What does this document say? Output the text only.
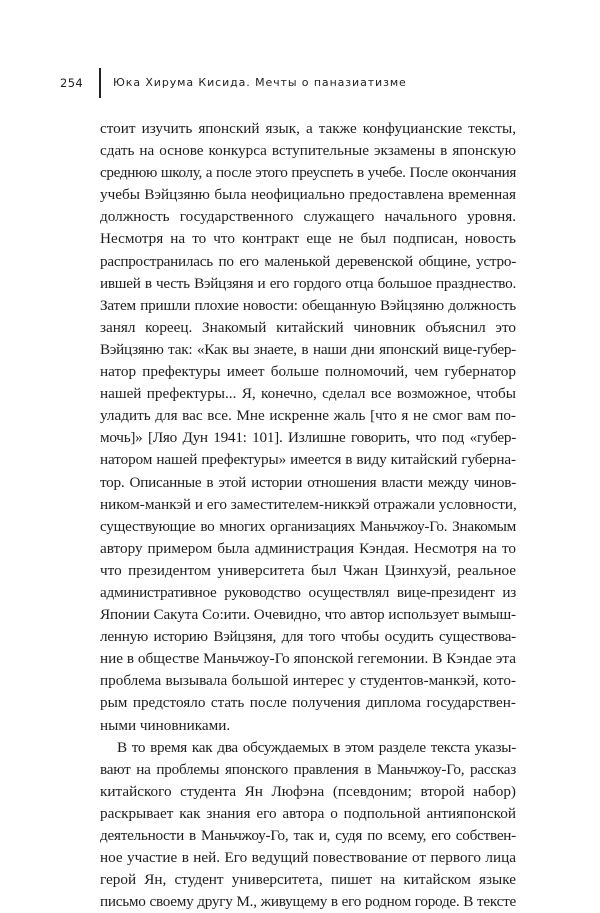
254	Юка Хирума Кисида. Мечты о паназиатизме

стоит изучить японский язык, а также конфуцианские тексты,
сдать на основе конкурса вступительные экзамены в японскую
среднюю школу, а после этого преуспеть в учебе. После окончания
учебы Вэйцзяню была неофициально предоставлена временная
должность государственного служащего начального уровня.
Несмотря на то что контракт еще не был подписан, новость
распространилась по его маленькой деревенской общине, устро-
ившей в честь Вэйцзяня и его гордого отца большое празднество.
Затем пришли плохие новости: обещанную Вэйцзяню должность
занял кореец. Знакомый китайский чиновник объяснил это
Вэйцзяню так: «Как вы знаете, в наши дни японский вице-губер-
натор префектуры имеет больше полномочий, чем губернатор
нашей префектуры... Я, конечно, сделал все возможное, чтобы
уладить для вас все. Мне искренне жаль [что я не смог вам по-
мочь]» [Ляо Дун 1941: 101]. Излишне говорить, что под «губер-
натором нашей префектуры» имеется в виду китайский губерна-
тор. Описанные в этой истории отношения власти между чинов-
ником-манкэй и его заместителем-никкэй отражали условности,
существующие во многих организациях Маньчжоу-Го. Знакомым
автору примером была администрация Кэндая. Несмотря на то
что президентом университета был Чжан Цзинхуэй, реальное
административное руководство осуществлял вице-президент из
Японии Сакута Со:ити. Очевидно, что автор использует вымыш-
ленную историю Вэйцзяня, для того чтобы осудить существова-
ние в обществе Маньчжоу-Го японской гегемонии. В Кэндае эта
проблема вызывала большой интерес у студентов-манкэй, кото-
рым предстояло стать после получения диплома государствен-
ными чиновниками.

В то время как два обсуждаемых в этом разделе текста указы-
вают на проблемы японского правления в Маньчжоу-Го, рассказ
китайского студента Ян Люфэна (псевдоним; второй набор)
раскрывает как знания его автора о подпольной антияпонской
деятельности в Маньчжоу-Го, так и, судя по всему, его собствен-
ное участие в ней. Его ведущий повествование от первого лица
герой Ян, студент университета, пишет на китайском языке
письмо своему другу М., живущему в его родном городе. В тексте
